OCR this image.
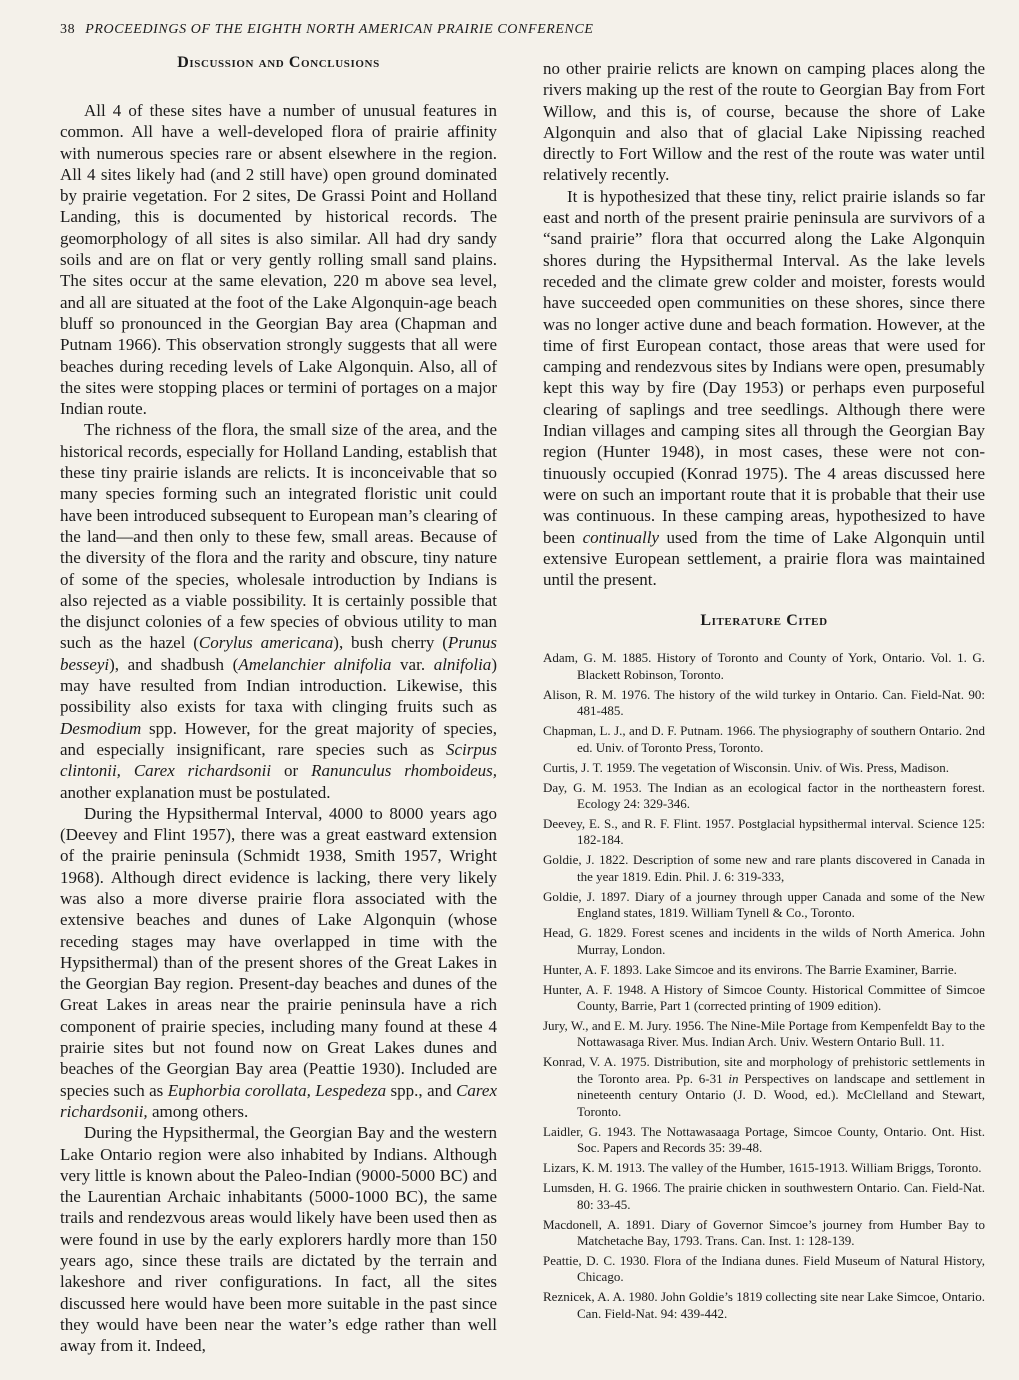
38 PROCEEDINGS OF THE EIGHTH NORTH AMERICAN PRAIRIE CONFERENCE
Discussion and Conclusions

All 4 of these sites have a number of unusual features in common. All have a well-developed flora of prairie affinity with numerous species rare or absent elsewhere in the region. All 4 sites likely had (and 2 still have) open ground dominated by prairie vegetation. For 2 sites, De Grassi Point and Holland Landing, this is documented by historical records. The geomorphology of all sites is also similar. All had dry sandy soils and are on flat or very gently rolling small sand plains. The sites occur at the same elevation, 220 m above sea level, and all are situated at the foot of the Lake Algonquin-age beach bluff so pronounced in the Georgian Bay area (Chapman and Putnam 1966). This observation strongly suggests that all were beaches during receding levels of Lake Algonquin. Also, all of the sites were stopping places or termini of portages on a major Indian route.

The richness of the flora, the small size of the area, and the historical records, especially for Holland Landing, establish that these tiny prairie islands are relicts. It is inconceivable that so many species forming such an integrated floristic unit could have been introduced subsequent to European man’s clearing of the land—and then only to these few, small areas. Because of the diversity of the flora and the rarity and obscure, tiny nature of some of the species, wholesale introduction by Indians is also rejected as a viable possibility. It is certainly possible that the disjunct colonies of a few species of obvious utility to man such as the hazel (Corylus americana), bush cherry (Prunus besseyi), and shadbush (Amelanchier alnifolia var. alnifolia) may have resulted from Indian introduction. Likewise, this possibility also exists for taxa with clinging fruits such as Desmodium spp. However, for the great majority of species, and especially insignificant, rare species such as Scirpus clintonii, Carex richardsonii or Ranunculus rhomboideus, another explanation must be postulated.

During the Hypsithermal Interval, 4000 to 8000 years ago (Deevey and Flint 1957), there was a great eastward extension of the prairie peninsula (Schmidt 1938, Smith 1957, Wright 1968). Although direct evidence is lacking, there very likely was also a more diverse prairie flora associated with the extensive beaches and dunes of Lake Algonquin (whose receding stages may have overlapped in time with the Hypsithermal) than of the present shores of the Great Lakes in the Georgian Bay region. Present-day beaches and dunes of the Great Lakes in areas near the prairie peninsula have a rich component of prairie species, including many found at these 4 prairie sites but not found now on Great Lakes dunes and beaches of the Georgian Bay area (Peattie 1930). Included are species such as Euphorbia corollata, Lespedeza spp., and Carex richardsonii, among others.

During the Hypsithermal, the Georgian Bay and the western Lake Ontario region were also inhabited by Indians. Although very little is known about the Paleo-Indian (9000-5000 BC) and the Laurentian Archaic inhabitants (5000-1000 BC), the same trails and rendezvous areas would likely have been used then as were found in use by the early explorers hardly more than 150 years ago, since these trails are dictated by the terrain and lakeshore and river configurations. In fact, all the sites discussed here would have been more suitable in the past since they would have been near the water’s edge rather than well away from it. Indeed,

no other prairie relicts are known on camping places along the rivers making up the rest of the route to Georgian Bay from Fort Willow, and this is, of course, because the shore of Lake Algonquin and also that of glacial Lake Nipissing reached directly to Fort Willow and the rest of the route was water until relatively recently.

It is hypothesized that these tiny, relict prairie islands so far east and north of the present prairie peninsula are survivors of a “sand prairie” flora that occurred along the Lake Algonquin shores during the Hypsithermal Interval. As the lake levels receded and the climate grew colder and moister, forests would have succeeded open communities on these shores, since there was no longer active dune and beach formation. However, at the time of first European contact, those areas that were used for camping and rendezvous sites by Indians were open, presumably kept this way by fire (Day 1953) or perhaps even purposeful clearing of saplings and tree seedlings. Although there were Indian villages and camping sites all through the Georgian Bay region (Hunter 1948), in most cases, these were not continuously occupied (Konrad 1975). The 4 areas discussed here were on such an important route that it is probable that their use was continuous. In these camping areas, hypothesized to have been continually used from the time of Lake Algonquin until extensive European settlement, a prairie flora was maintained until the present.

Literature Cited
Adam, G. M. 1885. History of Toronto and County of York, Ontario. Vol. 1. G. Blackett Robinson, Toronto.
Alison, R. M. 1976. The history of the wild turkey in Ontario. Can. Field-Nat. 90: 481-485.
Chapman, L. J., and D. F. Putnam. 1966. The physiography of southern Ontario. 2nd ed. Univ. of Toronto Press, Toronto.
Curtis, J. T. 1959. The vegetation of Wisconsin. Univ. of Wis. Press, Madison.
Day, G. M. 1953. The Indian as an ecological factor in the northeastern forest. Ecology 24: 329-346.
Deevey, E. S., and R. F. Flint. 1957. Postglacial hypsithermal interval. Science 125: 182-184.
Goldie, J. 1822. Description of some new and rare plants discovered in Canada in the year 1819. Edin. Phil. J. 6: 319-333,
Goldie, J. 1897. Diary of a journey through upper Canada and some of the New England states, 1819. William Tynell & Co., Toronto.
Head, G. 1829. Forest scenes and incidents in the wilds of North America. John Murray, London.
Hunter, A. F. 1893. Lake Simcoe and its environs. The Barrie Examiner, Barrie.
Hunter, A. F. 1948. A History of Simcoe County. Historical Committee of Simcoe County, Barrie, Part 1 (corrected printing of 1909 edition).
Jury, W., and E. M. Jury. 1956. The Nine-Mile Portage from Kempenfeldt Bay to the Nottawasaga River. Mus. Indian Arch. Univ. Western Ontario Bull. 11.
Konrad, V. A. 1975. Distribution, site and morphology of prehistoric settlements in the Toronto area. Pp. 6-31 in Perspectives on landscape and settlement in nineteenth century Ontario (J. D. Wood, ed.). McClelland and Stewart, Toronto.
Laidler, G. 1943. The Nottawasaaga Portage, Simcoe County, Ontario. Ont. Hist. Soc. Papers and Records 35: 39-48.
Lizars, K. M. 1913. The valley of the Humber, 1615-1913. William Briggs, Toronto.
Lumsden, H. G. 1966. The prairie chicken in southwestern Ontario. Can. Field-Nat. 80: 33-45.
Macdonell, A. 1891. Diary of Governor Simcoe’s journey from Humber Bay to Matchetache Bay, 1793. Trans. Can. Inst. 1: 128-139.
Peattie, D. C. 1930. Flora of the Indiana dunes. Field Museum of Natural History, Chicago.
Reznicek, A. A. 1980. John Goldie’s 1819 collecting site near Lake Simcoe, Ontario. Can. Field-Nat. 94: 439-442.
